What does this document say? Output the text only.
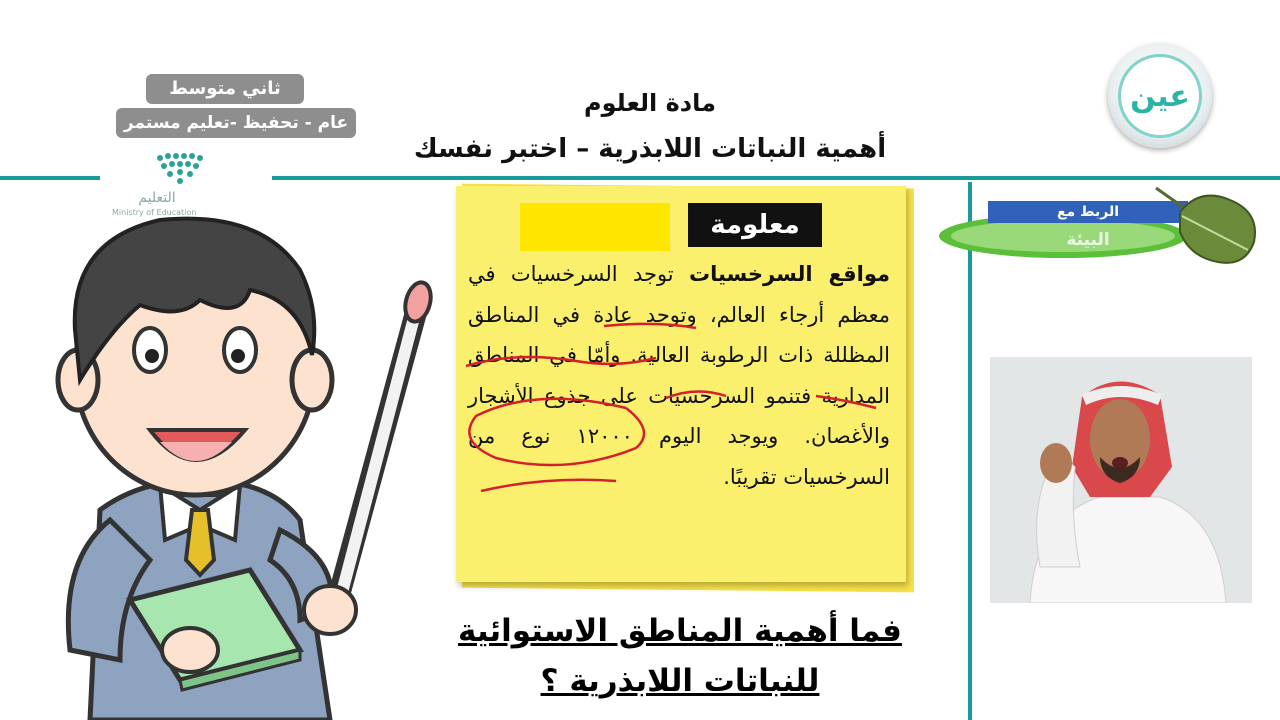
ثاني متوسط
عام - تحفيظ -تعليم مستمر
مادة العلوم
أهمية النباتات اللابذرية – اختبر نفسك
عين
التعليم
Ministry of Education	معلومة
مواقع السرخسيات توجد السرخسيات في معظم أرجاء العالم، وتوجد عادة في المناطق المظللة ذات الرطوبة العالية. وأمّا في المناطق المدارية فتنمو السرخسيات على جذوع الأشجار والأغصان. ويوجد اليوم ١٢٠٠٠ نوع من السرخسيات تقريبًا.
فما أهمية المناطق الاستوائية
للنباتات اللابذرية ؟
الربط مع
البيئة
